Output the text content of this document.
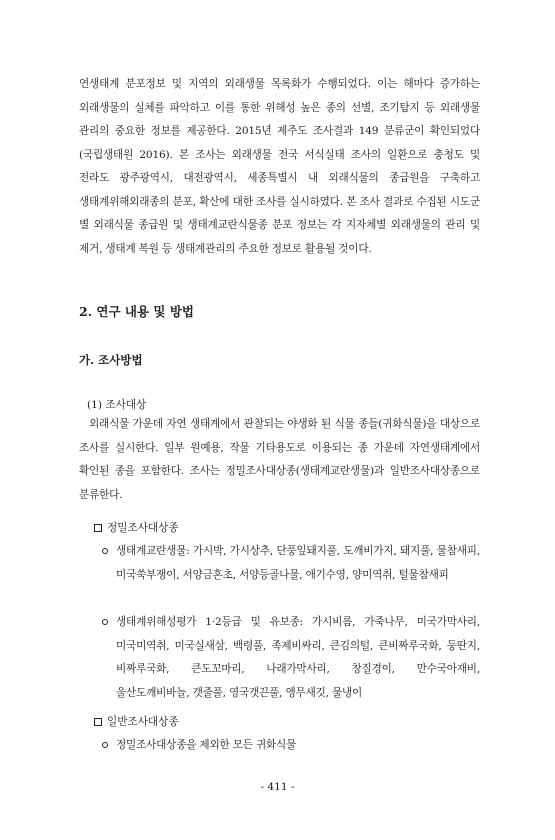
연생태계 분포정보 및 지역의 외래생물 목록화가 수행되었다. 이는 해마다 증가하는 외래생물의 실체를 파악하고 이를 통한 위해성 높은 종의 선별, 조기탐지 등 외래생물 관리의 중요한 정보를 제공한다. 2015년 제주도 조사결과 149 분류군이 확인되었다(국립생태원 2016). 본 조사는 외래생물 전국 서식실태 조사의 일환으로 충청도 및 전라도 광주광역시, 대전광역시, 세종특별시 내 외래식물의 종급원을 구축하고 생태계위해외래종의 분포, 확산에 대한 조사를 실시하였다. 본 조사 결과로 수집된 시도군 별 외래식물 종급원 및 생태계교란식물종 분포 정보는 각 지자체별 외래생물의 관리 및 제거, 생태계 복원 등 생태계관리의 주요한 정보로 활용될 것이다.
2. 연구 내용 및 방법
가. 조사방법
(1) 조사대상
외래식물 가운데 자연 생태계에서 관찰되는 야생화 된 식물 종들(귀화식물)을 대상으로 조사를 실시한다. 일부 원예용, 작물 기타용도로 이용되는 종 가운데 자연생태계에서 확인된 종을 포함한다. 조사는 정밀조사대상종(생태계교란생물)과 일반조사대상종으로 분류한다.
정밀조사대상종
생태계교란생물: 가시박, 가시상추, 단풍잎돼지풀, 도깨비가지, 돼지풀, 물참새피, 미국쑥부쟁이, 서양금혼초, 서양등골나물, 애기수영, 양미역취, 털물참새피
생태계위해성평가 1·2등급 및 유보종: 가시비름, 가죽나무, 미국가막사리, 미국미역취, 미국실새삼, 백령풀, 족제비싸리, 큰김의털, 큰비짜루국화, 둥딴지, 비짜루국화, 큰도꼬마리, 나래가막사리, 창질경이, 만수국아재비, 울산도깨비바늘, 갯줄풀, 영국갯끈풀, 앵무새깃, 물냉이
일반조사대상종
정밀조사대상종을 제외한 모든 귀화식물
- 411 -
